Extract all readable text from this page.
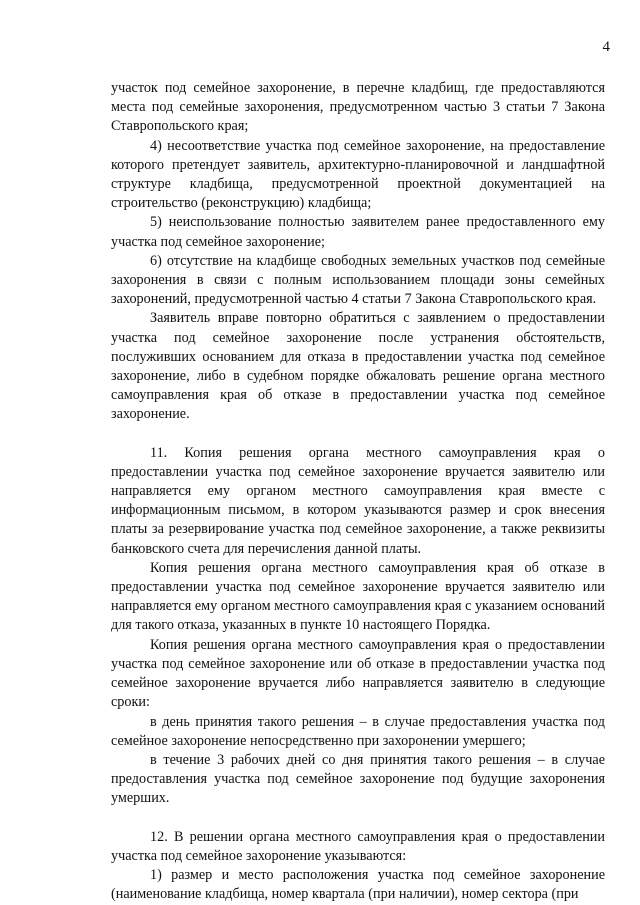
4

участок под семейное захоронение, в перечне кладбищ, где предоставляются места под семейные захоронения, предусмотренном частью 3 статьи 7 Закона Ставропольского края;

4) несоответствие участка под семейное захоронение, на предоставление которого претендует заявитель, архитектурно-планировочной и ландшафтной структуре кладбища, предусмотренной проектной документацией на строительство (реконструкцию) кладбища;

5) неиспользование полностью заявителем ранее предоставленного ему участка под семейное захоронение;

6) отсутствие на кладбище свободных земельных участков под семейные захоронения в связи с полным использованием площади зоны семейных захоронений, предусмотренной частью 4 статьи 7 Закона Ставропольского края.

Заявитель вправе повторно обратиться с заявлением о предоставлении участка под семейное захоронение после устранения обстоятельств, послуживших основанием для отказа в предоставлении участка под семейное захоронение, либо в судебном порядке обжаловать решение органа местного самоуправления края об отказе в предоставлении участка под семейное захоронение.

11. Копия решения органа местного самоуправления края о предоставлении участка под семейное захоронение вручается заявителю или направляется ему органом местного самоуправления края вместе с информационным письмом, в котором указываются размер и срок внесения платы за резервирование участка под семейное захоронение, а также реквизиты банковского счета для перечисления данной платы.

Копия решения органа местного самоуправления края об отказе в предоставлении участка под семейное захоронение вручается заявителю или направляется ему органом местного самоуправления края с указанием оснований для такого отказа, указанных в пункте 10 настоящего Порядка.

Копия решения органа местного самоуправления края о предоставлении участка под семейное захоронение или об отказе в предоставлении участка под семейное захоронение вручается либо направляется заявителю в следующие сроки:

в день принятия такого решения – в случае предоставления участка под семейное захоронение непосредственно при захоронении умершего;

в течение 3 рабочих дней со дня принятия такого решения – в случае предоставления участка под семейное захоронение под будущие захоронения умерших.

12. В решении органа местного самоуправления края о предоставлении участка под семейное захоронение указываются:

1) размер и место расположения участка под семейное захоронение (наименование кладбища, номер квартала (при наличии), номер сектора (при
